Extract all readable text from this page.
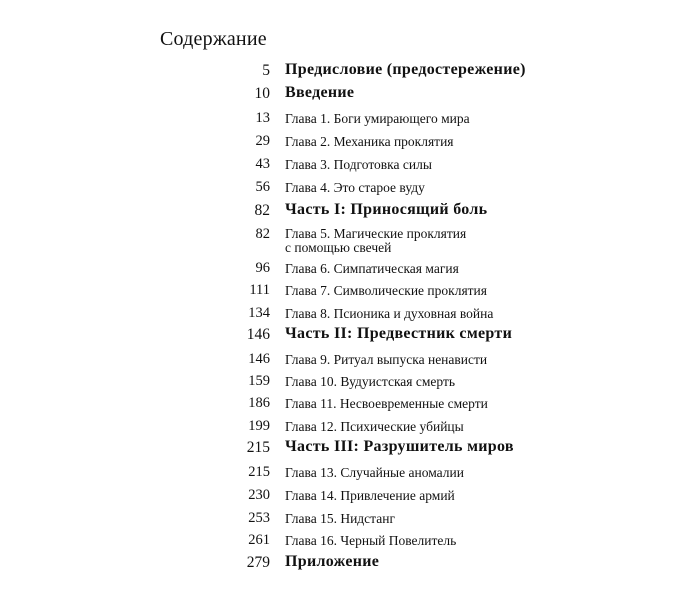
Содержание
5 Предисловие (предостережение)
10 Введение
13 Глава 1. Боги умирающего мира
29 Глава 2. Механика проклятия
43 Глава 3. Подготовка силы
56 Глава 4. Это старое вуду
82 Часть I: Приносящий боль
82 Глава 5. Магические проклятия с помощью свечей
96 Глава 6. Симпатическая магия
111 Глава 7. Символические проклятия
134 Глава 8. Псионика и духовная война
146 Часть II: Предвестник смерти
146 Глава 9. Ритуал выпуска ненависти
159 Глава 10. Вудуистская смерть
186 Глава 11. Несвоевременные смерти
199 Глава 12. Психические убийцы
215 Часть III: Разрушитель миров
215 Глава 13. Случайные аномалии
230 Глава 14. Привлечение армий
253 Глава 15. Нидстанг
261 Глава 16. Черный Повелитель
279 Приложение
